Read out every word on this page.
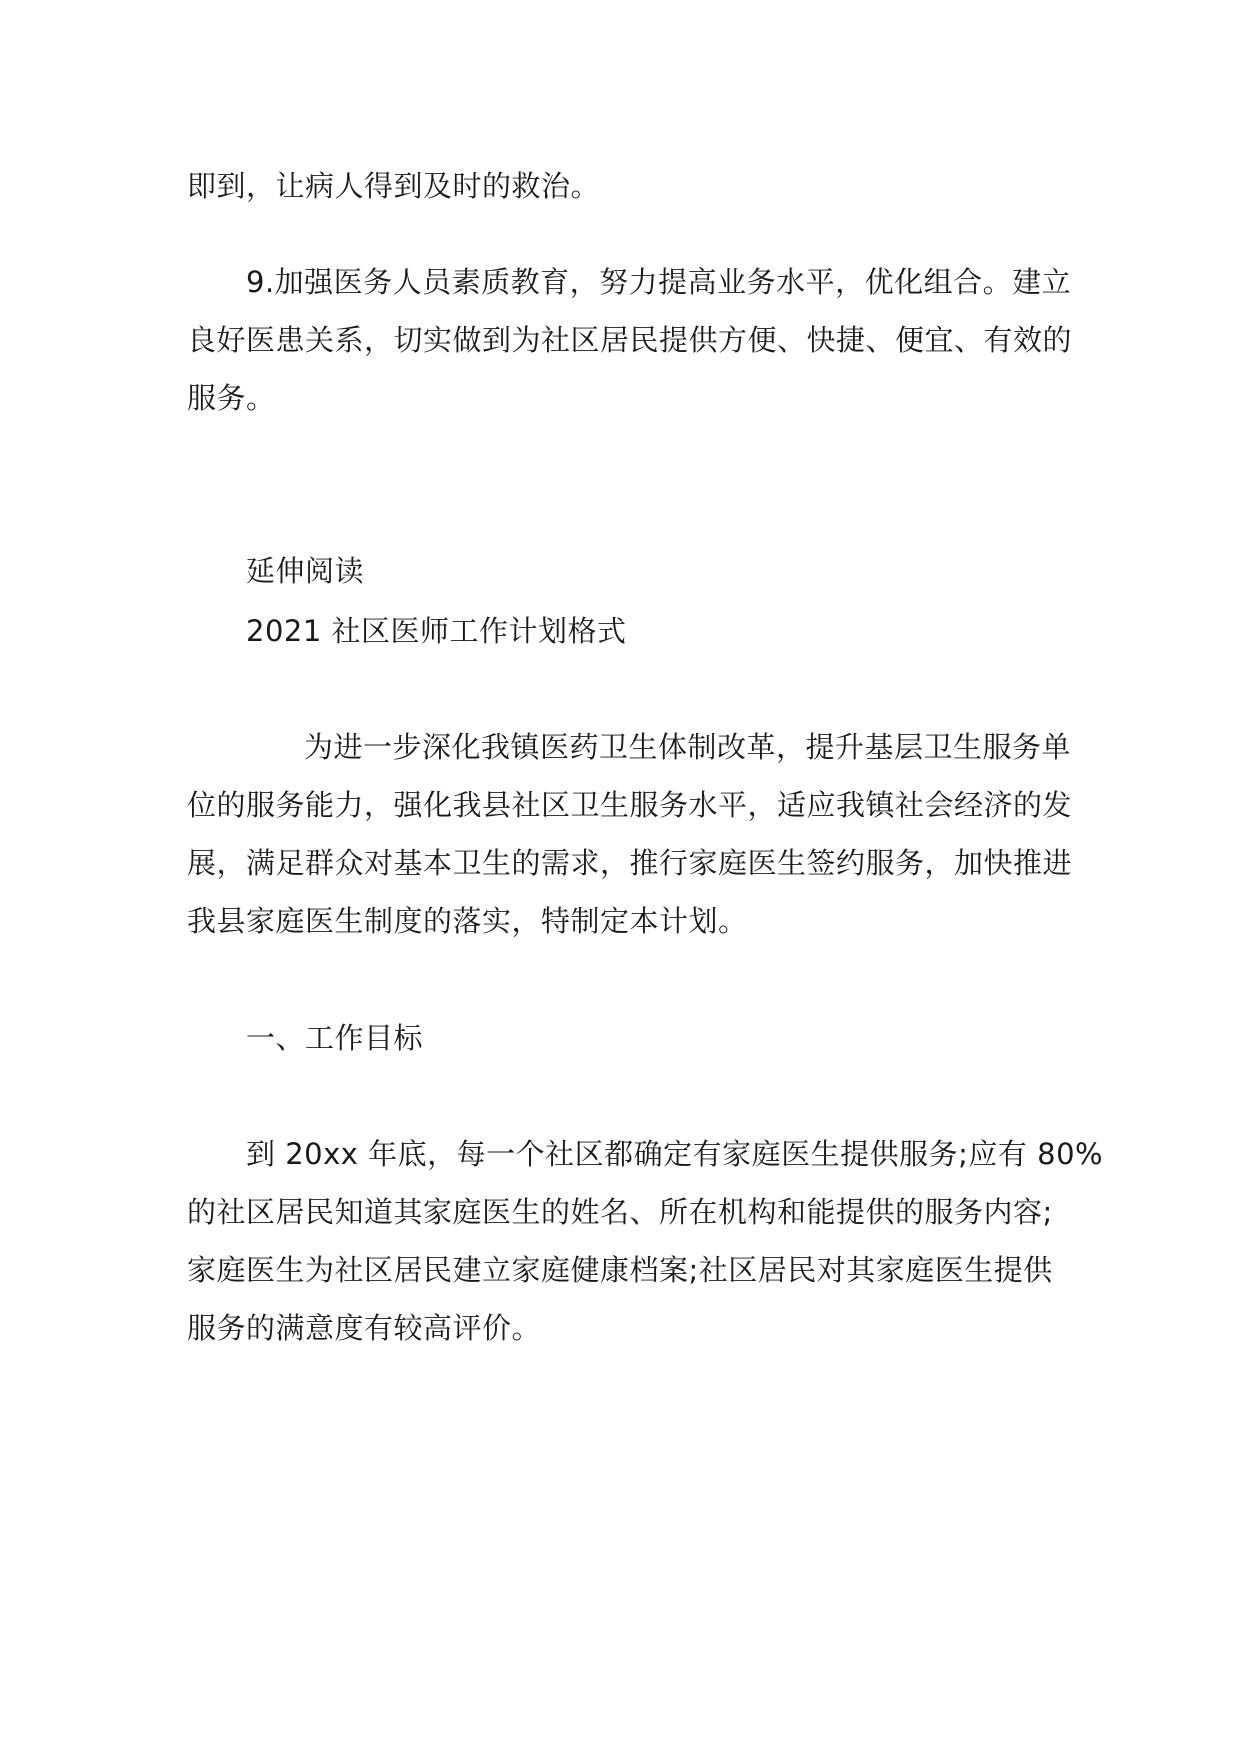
即到，让病人得到及时的救治。
9.加强医务人员素质教育，努力提高业务水平，优化组合。建立
良好医患关系，切实做到为社区居民提供方便、快捷、便宜、有效的
服务。
延伸阅读
2021 社区医师工作计划格式
为进一步深化我镇医药卫生体制改革，提升基层卫生服务单
位的服务能力，强化我县社区卫生服务水平，适应我镇社会经济的发
展，满足群众对基本卫生的需求，推行家庭医生签约服务，加快推进
我县家庭医生制度的落实，特制定本计划。
一、工作目标
到 20xx 年底，每一个社区都确定有家庭医生提供服务;应有 80%
的社区居民知道其家庭医生的姓名、所在机构和能提供的服务内容;
家庭医生为社区居民建立家庭健康档案;社区居民对其家庭医生提供
服务的满意度有较高评价。
